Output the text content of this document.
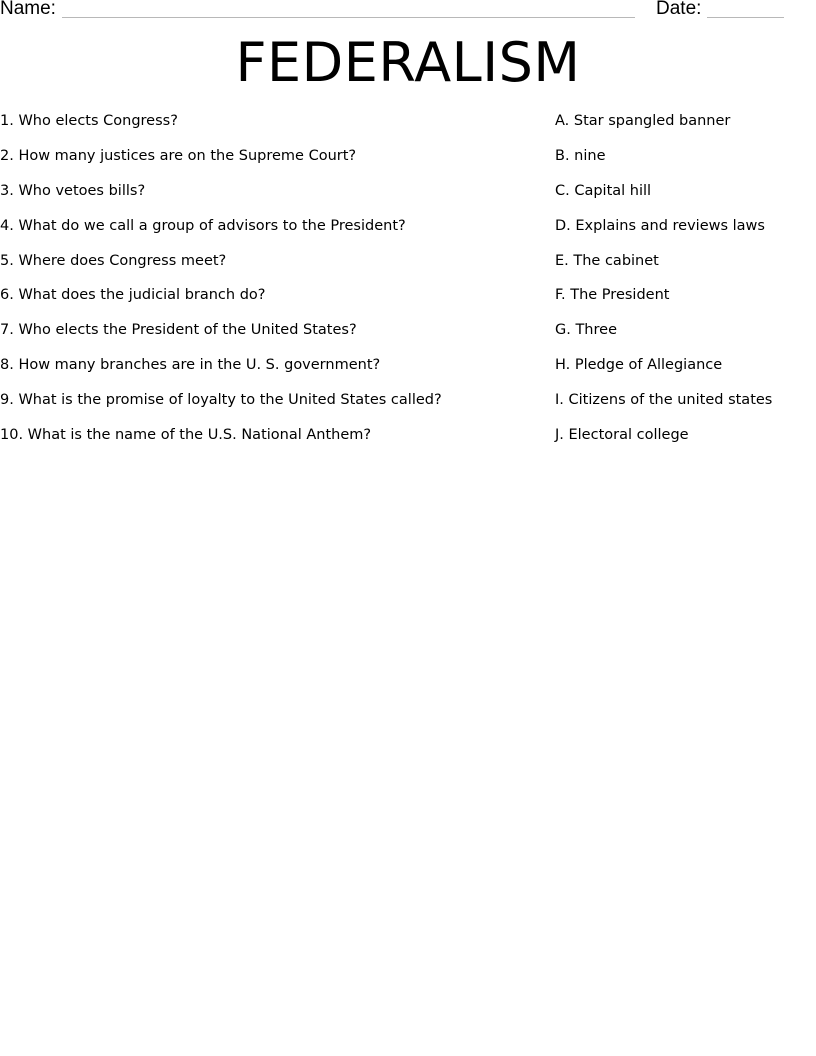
Name:	Date:
FEDERALISM
1. Who elects Congress?
2. How many justices are on the Supreme Court?
3. Who vetoes bills?
4. What do we call a group of advisors to the President?
5. Where does Congress meet?
6. What does the judicial branch do?
7. Who elects the President of the United States?
8. How many branches are in the U. S. government?
9. What is the promise of loyalty to the United States called?
10. What is the name of the U.S. National Anthem?
A. Star spangled banner
B. nine
C. Capital hill
D. Explains and reviews laws
E. The cabinet
F. The President
G. Three
H. Pledge of Allegiance
I. Citizens of the united states
J. Electoral college
